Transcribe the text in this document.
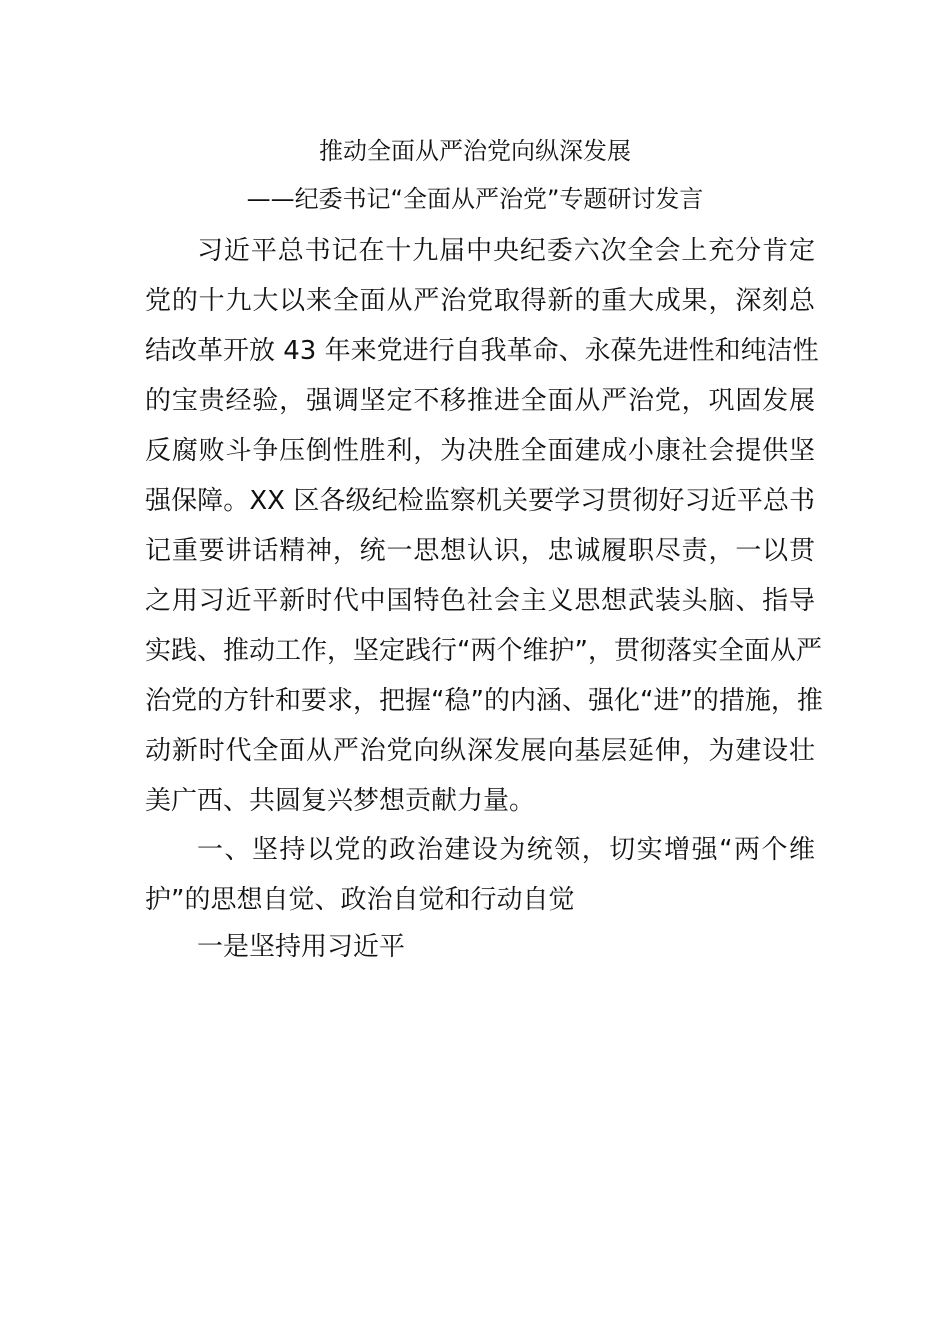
推动全面从严治党向纵深发展
——纪委书记“全面从严治党”专题研讨发言
习近平总书记在十九届中央纪委六次全会上充分肯定
党的十九大以来全面从严治党取得新的重大成果，深刻总
结改革开放 43 年来党进行自我革命、永葆先进性和纯洁性
的宝贵经验，强调坚定不移推进全面从严治党，巩固发展
反腐败斗争压倒性胜利，为决胜全面建成小康社会提供坚
强保障。XX 区各级纪检监察机关要学习贯彻好习近平总书
记重要讲话精神，统一思想认识，忠诚履职尽责，一以贯
之用习近平新时代中国特色社会主义思想武装头脑、指导
实践、推动工作，坚定践行“两个维护”，贯彻落实全面从严
治党的方针和要求，把握“稳”的内涵、强化“进”的措施，推
动新时代全面从严治党向纵深发展向基层延伸，为建设壮
美广西、共圆复兴梦想贡献力量。
一、坚持以党的政治建设为统领，切实增强“两个维
护”的思想自觉、政治自觉和行动自觉
一是坚持用习近平
